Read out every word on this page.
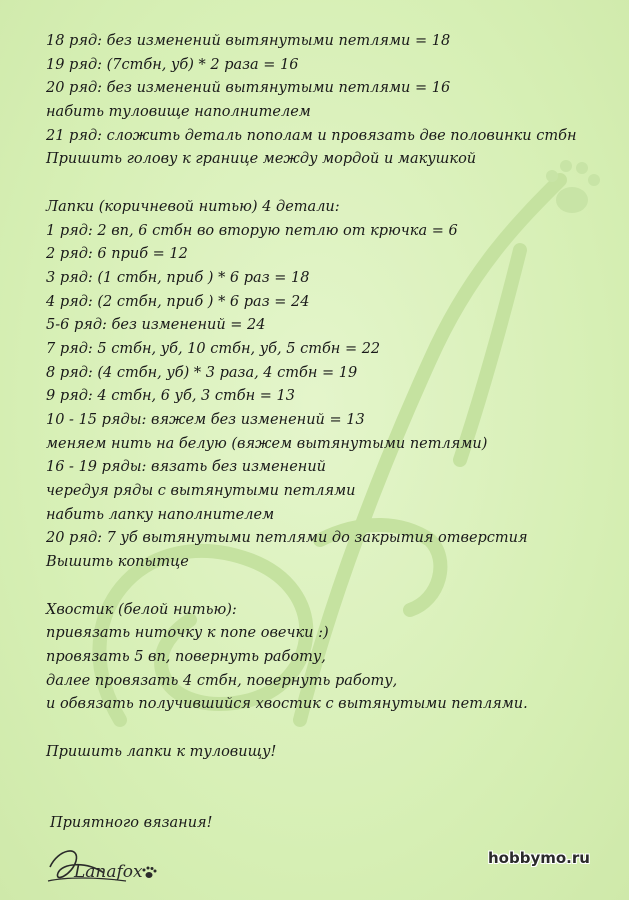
18 ряд: без изменений вытянутыми петлями = 18
19 ряд: (7стбн, уб) * 2 раза = 16
20 ряд: без изменений вытянутыми петлями = 16
набить туловище наполнителем
21 ряд: сложить деталь пополам и провязать две половинки стбн
Пришить голову к границе между мордой и макушкой
Лапки (коричневой нитью) 4 детали:
1 ряд: 2 вп, 6 стбн во вторую петлю от крючка = 6
2 ряд: 6 приб = 12
3 ряд: (1 стбн, приб ) * 6 раз = 18
4 ряд: (2 стбн, приб ) * 6 раз = 24
5-6 ряд: без изменений = 24
7 ряд: 5 стбн, уб, 10 стбн, уб, 5 стбн = 22
8 ряд: (4 стбн, уб) * 3 раза, 4 стбн = 19
9 ряд: 4 стбн, 6 уб, 3 стбн = 13
10 - 15 ряды: вяжем без изменений = 13
меняем нить на белую (вяжем вытянутыми петлями)
16 - 19 ряды: вязать без изменений
чередуя ряды с вытянутыми петлями
набить лапку наполнителем
20 ряд: 7 уб вытянутыми петлями до закрытия отверстия
Вышить копытце
Хвостик (белой нитью):
привязать ниточку к попе овечки :)
провязать 5 вп, повернуть работу,
далее провязать 4 стбн, повернуть работу,
и обвязать получившийся хвостик с вытянутыми петлями.
Пришить лапки к туловищу!
Приятного вязания!
Lanafox
hobbymo.ru
